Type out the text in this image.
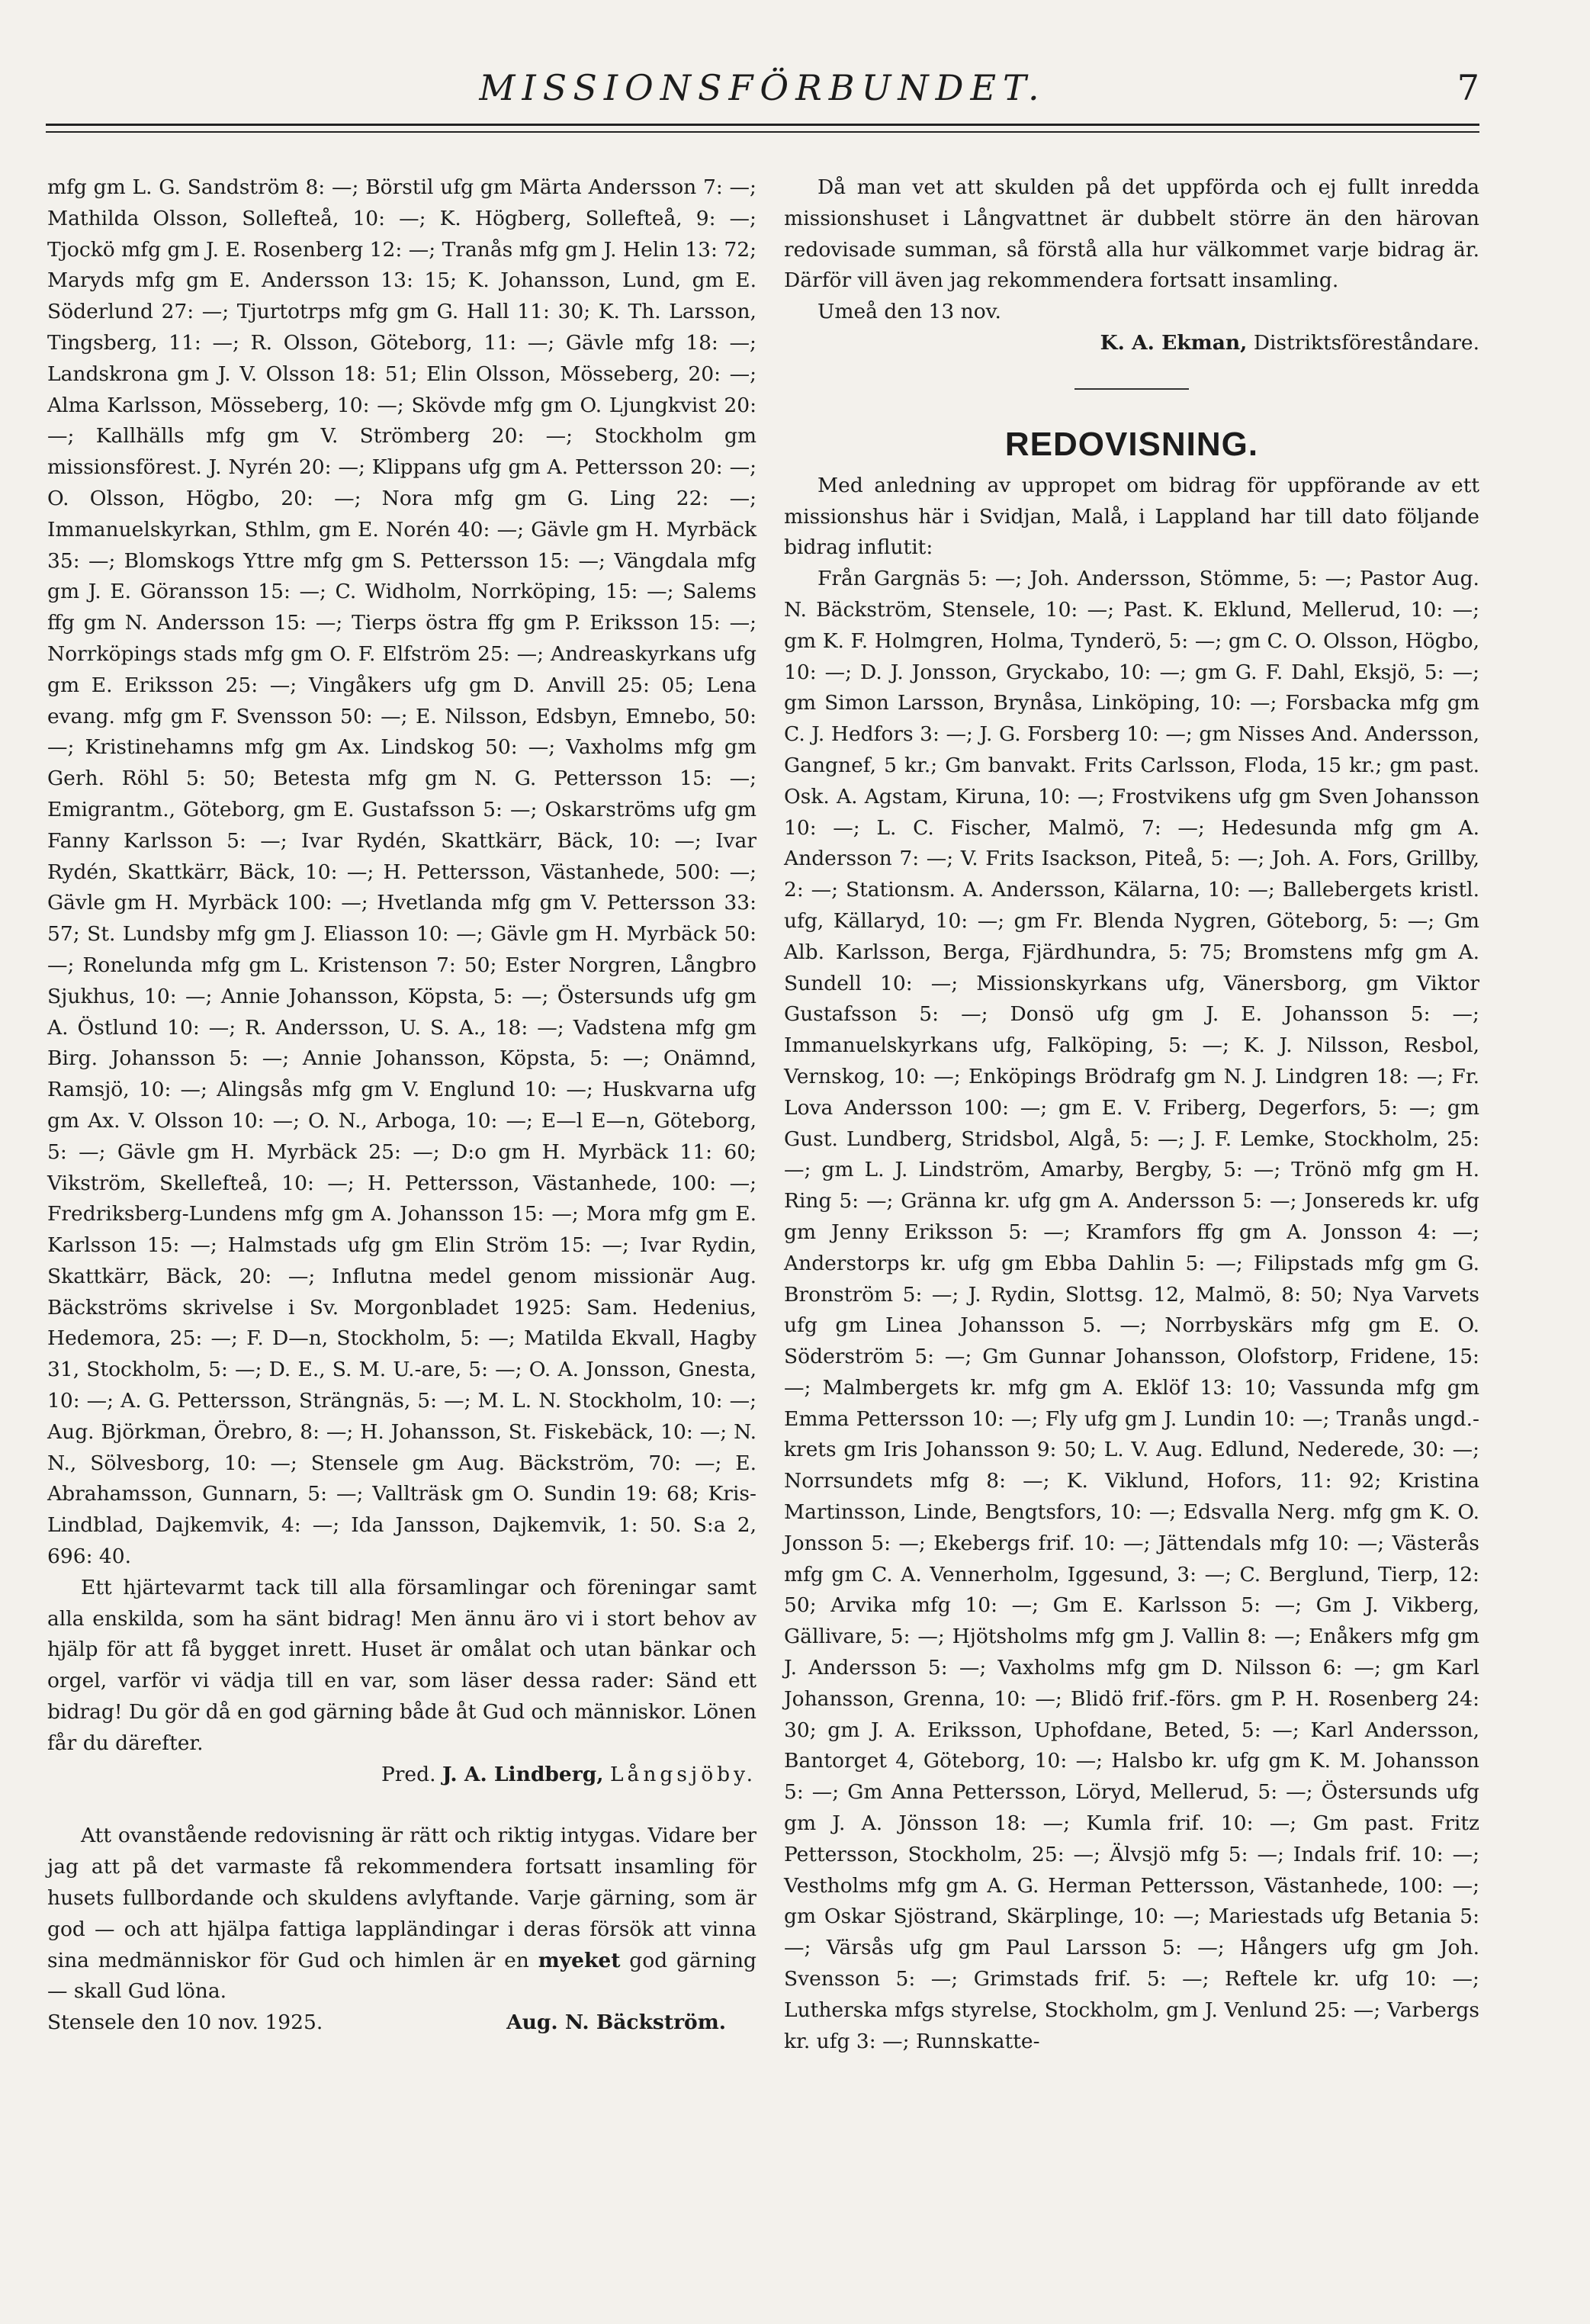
MISSIONSFÖRBUNDET.	7

mfg gm L. G. Sandström 8: —; Börstil ufg gm Märta Andersson 7: —; Mathilda Olsson, Sollefteå, 10: —; K. Högberg, Sollefteå, 9: —; Tjockö mfg gm J. E. Rosenberg 12: —; Tranås mfg gm J. Helin 13: 72; Maryds mfg gm E. Andersson 13: 15; K. Johansson, Lund, gm E. Söderlund 27: —; Tjurtotrps mfg gm G. Hall 11: 30; K. Th. Larsson, Tingsberg, 11: —; R. Olsson, Göteborg, 11: —; Gävle mfg 18: —; Landskrona gm J. V. Olsson 18: 51; Elin Olsson, Mösseberg, 20: —; Alma Karlsson, Mösseberg, 10: —; Skövde mfg gm O. Ljungkvist 20: —; Kallhälls mfg gm V. Strömberg 20: —; Stockholm gm missionsförest. J. Nyrén 20: —; Klippans ufg gm A. Pettersson 20: —; O. Olsson, Högbo, 20: —; Nora mfg gm G. Ling 22: —; Immanuelskyrkan, Sthlm, gm E. Norén 40: —; Gävle gm H. Myrbäck 35: —; Blomskogs Yttre mfg gm S. Pettersson 15: —; Vängdala mfg gm J. E. Göransson 15: —; C. Widholm, Norrköping, 15: —; Salems ffg gm N. Andersson 15: —; Tierps östra ffg gm P. Eriksson 15: —; Norrköpings stads mfg gm O. F. Elfström 25: —; Andreaskyrkans ufg gm E. Eriksson 25: —; Vingåkers ufg gm D. Anvill 25: 05; Lena evang. mfg gm F. Svensson 50: —; E. Nilsson, Edsbyn, Emnebo, 50: —; Kristinehamns mfg gm Ax. Lindskog 50: —; Vaxholms mfg gm Gerh. Röhl 5: 50; Betesta mfg gm N. G. Pettersson 15: —; Emigrantm., Göteborg, gm E. Gustafsson 5: —; Oskarströms ufg gm Fanny Karlsson 5: —; Ivar Rydén, Skattkärr, Bäck, 10: —; Ivar Rydén, Skattkärr, Bäck, 10: —; H. Pettersson, Västanhede, 500: —; Gävle gm H. Myrbäck 100: —; Hvetlanda mfg gm V. Pettersson 33: 57; St. Lundsby mfg gm J. Eliasson 10: —; Gävle gm H. Myrbäck 50: —; Ronelunda mfg gm L. Kristenson 7: 50; Ester Norgren, Långbro Sjukhus, 10: —; Annie Johansson, Köpsta, 5: —; Östersunds ufg gm A. Östlund 10: —; R. Andersson, U. S. A., 18: —; Vadstena mfg gm Birg. Johansson 5: —; Annie Johansson, Köpsta, 5: —; Onämnd, Ramsjö, 10: —; Alingsås mfg gm V. Englund 10: —; Huskvarna ufg gm Ax. V. Olsson 10: —; O. N., Arboga, 10: —; E—l E—n, Göteborg, 5: —; Gävle gm H. Myrbäck 25: —; D:o gm H. Myrbäck 11: 60; Vikström, Skellefteå, 10: —; H. Pettersson, Västanhede, 100: —; Fredriksberg-Lundens mfg gm A. Johansson 15: —; Mora mfg gm E. Karlsson 15: —; Halmstads ufg gm Elin Ström 15: —; Ivar Rydin, Skattkärr, Bäck, 20: —; Influtna medel genom missionär Aug. Bäckströms skrivelse i Sv. Morgonbladet 1925: Sam. Hedenius, Hedemora, 25: —; F. D—n, Stockholm, 5: —; Matilda Ekvall, Hagby 31, Stockholm, 5: —; D. E., S. M. U.-are, 5: —; O. A. Jonsson, Gnesta, 10: —; A. G. Pettersson, Strängnäs, 5: —; M. L. N. Stockholm, 10: —; Aug. Björkman, Örebro, 8: —; H. Johansson, St. Fiskebäck, 10: —; N. N., Sölvesborg, 10: —; Stensele gm Aug. Bäckström, 70: —; E. Abrahamsson, Gunnarn, 5: —; Vallträsk gm O. Sundin 19: 68; Kris-Lindblad, Dajkemvik, 4: —; Ida Jansson, Dajkemvik, 1: 50. S:a 2, 696: 40.

Ett hjärtevarmt tack till alla församlingar och föreningar samt alla enskilda, som ha sänt bidrag! Men ännu äro vi i stort behov av hjälp för att få bygget inrett. Huset är omålat och utan bänkar och orgel, varför vi vädja till en var, som läser dessa rader: Sänd ett bidrag! Du gör då en god gärning både åt Gud och människor. Lönen får du därefter.

Pred. J. A. Lindberg, Långsjöby.

Att ovanstående redovisning är rätt och riktig intygas. Vidare ber jag att på det varmaste få rekommendera fortsatt insamling för husets fullbordande och skuldens avlyftande. Varje gärning, som är god — och att hjälpa fattiga lappländingar i deras försök att vinna sina medmänniskor för Gud och himlen är en myeket god gärning — skall Gud löna.

Stensele den 10 nov. 1925.	Aug. N. Bäckström.

Då man vet att skulden på det uppförda och ej fullt inredda missionshuset i Långvattnet är dubbelt större än den härovan redovisade summan, så förstå alla hur välkommet varje bidrag är. Därför vill även jag rekommendera fortsatt insamling.

Umeå den 13 nov.

K. A. Ekman, Distriktsföreståndare.

REDOVISNING.

Med anledning av uppropet om bidrag för uppförande av ett missionshus här i Svidjan, Malå, i Lappland har till dato följande bidrag influtit:

Från Gargnäs 5: —; Joh. Andersson, Stömme, 5: —; Pastor Aug. N. Bäckström, Stensele, 10: —; Past. K. Eklund, Mellerud, 10: —; gm K. F. Holmgren, Holma, Tynderö, 5: —; gm C. O. Olsson, Högbo, 10: —; D. J. Jonsson, Gryckabo, 10: —; gm G. F. Dahl, Eksjö, 5: —; gm Simon Larsson, Brynåsa, Linköping, 10: —; Forsbacka mfg gm C. J. Hedfors 3: —; J. G. Forsberg 10: —; gm Nisses And. Andersson, Gangnef, 5 kr.; Gm banvakt. Frits Carlsson, Floda, 15 kr.; gm past. Osk. A. Agstam, Kiruna, 10: —; Frostvikens ufg gm Sven Johansson 10: —; L. C. Fischer, Malmö, 7: —; Hedesunda mfg gm A. Andersson 7: —; V. Frits Isackson, Piteå, 5: —; Joh. A. Fors, Grillby, 2: —; Stationsm. A. Andersson, Kälarna, 10: —; Ballebergets kristl. ufg, Källaryd, 10: —; gm Fr. Blenda Nygren, Göteborg, 5: —; Gm Alb. Karlsson, Berga, Fjärdhundra, 5: 75; Bromstens mfg gm A. Sundell 10: —; Missionskyrkans ufg, Vänersborg, gm Viktor Gustafsson 5: —; Donsö ufg gm J. E. Johansson 5: —; Immanuelskyrkans ufg, Falköping, 5: —; K. J. Nilsson, Resbol, Vernskog, 10: —; Enköpings Brödrafg gm N. J. Lindgren 18: —; Fr. Lova Andersson 100: —; gm E. V. Friberg, Degerfors, 5: —; gm Gust. Lundberg, Stridsbol, Algå, 5: —; J. F. Lemke, Stockholm, 25: —; gm L. J. Lindström, Amarby, Bergby, 5: —; Trönö mfg gm H. Ring 5: —; Gränna kr. ufg gm A. Andersson 5: —; Jonsereds kr. ufg gm Jenny Eriksson 5: —; Kramfors ffg gm A. Jonsson 4: —; Anderstorps kr. ufg gm Ebba Dahlin 5: —; Filipstads mfg gm G. Bronström 5: —; J. Rydin, Slottsg. 12, Malmö, 8: 50; Nya Varvets ufg gm Linea Johansson 5. —; Norrbyskärs mfg gm E. O. Söderström 5: —; Gm Gunnar Johansson, Olofstorp, Fridene, 15: —; Malmbergets kr. mfg gm A. Eklöf 13: 10; Vassunda mfg gm Emma Pettersson 10: —; Fly ufg gm J. Lundin 10: —; Tranås ungd.-krets gm Iris Johansson 9: 50; L. V. Aug. Edlund, Nederede, 30: —; Norrsundets mfg 8: —; K. Viklund, Hofors, 11: 92; Kristina Martinsson, Linde, Bengtsfors, 10: —; Edsvalla Nerg. mfg gm K. O. Jonsson 5: —; Ekebergs frif. 10: —; Jättendals mfg 10: —; Västerås mfg gm C. A. Vennerholm, Iggesund, 3: —; C. Berglund, Tierp, 12: 50; Arvika mfg 10: —; Gm E. Karlsson 5: —; Gm J. Vikberg, Gällivare, 5: —; Hjötsholms mfg gm J. Vallin 8: —; Enåkers mfg gm J. Andersson 5: —; Vaxholms mfg gm D. Nilsson 6: —; gm Karl Johansson, Grenna, 10: —; Blidö frif.-förs. gm P. H. Rosenberg 24: 30; gm J. A. Eriksson, Uphofdane, Beted, 5: —; Karl Andersson, Bantorget 4, Göteborg, 10: —; Halsbo kr. ufg gm K. M. Johansson 5: —; Gm Anna Pettersson, Löryd, Mellerud, 5: —; Östersunds ufg gm J. A. Jönsson 18: —; Kumla frif. 10: —; Gm past. Fritz Pettersson, Stockholm, 25: —; Älvsjö mfg 5: —; Indals frif. 10: —; Vestholms mfg gm A. G. Herman Pettersson, Västanhede, 100: —; gm Oskar Sjöstrand, Skärplinge, 10: —; Mariestads ufg Betania 5: —; Värsås ufg gm Paul Larsson 5: —; Hångers ufg gm Joh. Svensson 5: —; Grimstads frif. 5: —; Reftele kr. ufg 10: —; Lutherska mfgs styrelse, Stockholm, gm J. Venlund 25: —; Varbergs kr. ufg 3: —; Runnskatte-
